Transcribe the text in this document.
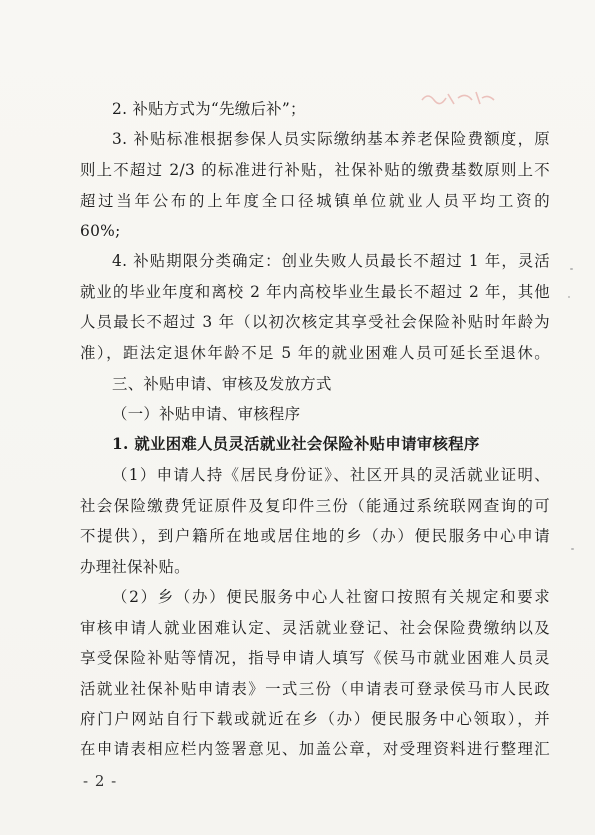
2. 补贴方式为“先缴后补”；
3. 补贴标准根据参保人员实际缴纳基本养老保险费额度，原
则上不超过 2/3 的标准进行补贴，社保补贴的缴费基数原则上不
超过当年公布的上年度全口径城镇单位就业人员平均工资的
60%;
4. 补贴期限分类确定：创业失败人员最长不超过 1 年，灵活
就业的毕业年度和离校 2 年内高校毕业生最长不超过 2 年，其他
人员最长不超过 3 年（以初次核定其享受社会保险补贴时年龄为
准），距法定退休年龄不足 5 年的就业困难人员可延长至退休。
三、补贴申请、审核及发放方式
（一）补贴申请、审核程序
1. 就业困难人员灵活就业社会保险补贴申请审核程序
（1）申请人持《居民身份证》、社区开具的灵活就业证明、
社会保险缴费凭证原件及复印件三份（能通过系统联网查询的可
不提供），到户籍所在地或居住地的乡（办）便民服务中心申请
办理社保补贴。
（2）乡（办）便民服务中心人社窗口按照有关规定和要求
审核申请人就业困难认定、灵活就业登记、社会保险费缴纳以及
享受保险补贴等情况，指导申请人填写《侯马市就业困难人员灵
活就业社保补贴申请表》一式三份（申请表可登录侯马市人民政
府门户网站自行下载或就近在乡（办）便民服务中心领取），并
在申请表相应栏内签署意见、加盖公章，对受理资料进行整理汇
- 2 -
